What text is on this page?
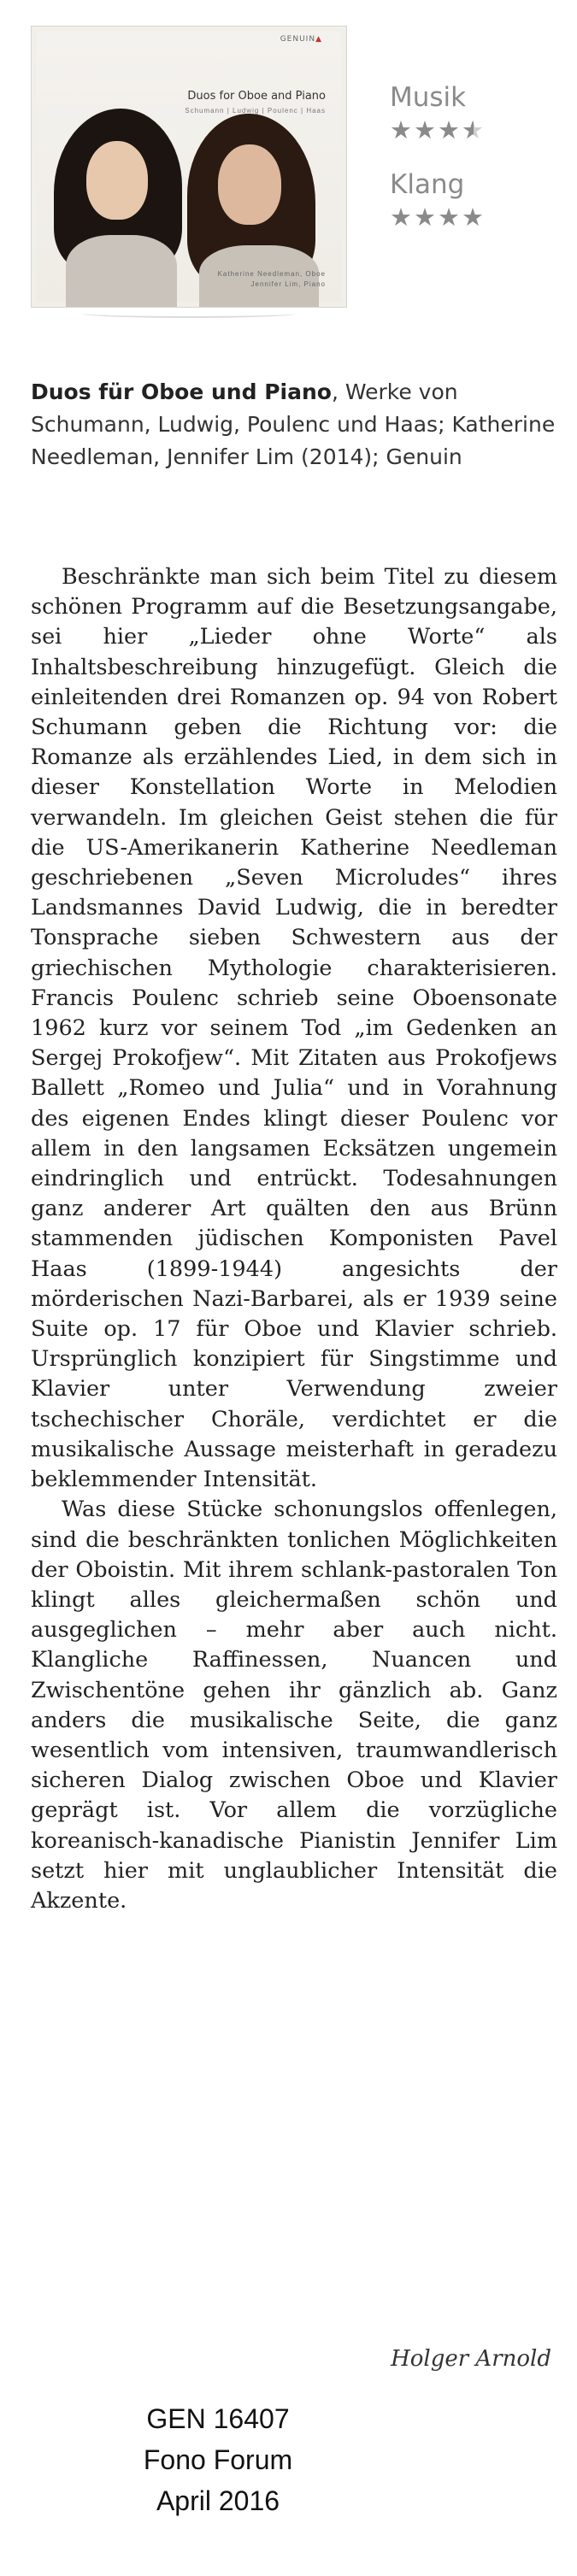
GENUIN▲
Duos for Oboe and Piano
Schumann | Ludwig | Poulenc | Haas
Katherine Needleman, Oboe
Jennifer Lim, Piano
Musik
★★★★ ★
Klang
★★★★
Duos für Oboe und Piano, Werke von Schumann, Ludwig, Poulenc und Haas; Katherine Needleman, Jennifer Lim (2014); Genuin

Beschränkte man sich beim Titel zu diesem schönen Programm auf die Besetzungsangabe, sei hier „Lieder ohne Worte“ als Inhaltsbeschreibung hinzugefügt. Gleich die einleitenden drei Romanzen op. 94 von Robert Schumann geben die Richtung vor: die Romanze als erzählendes Lied, in dem sich in dieser Konstellation Worte in Melodien verwandeln. Im gleichen Geist stehen die für die US-Amerikanerin Katherine Needleman geschriebenen „Seven Microludes“ ihres Landsmannes David Ludwig, die in beredter Tonsprache sieben Schwestern aus der griechischen Mythologie charakterisieren. Francis Poulenc schrieb seine Oboensonate 1962 kurz vor seinem Tod „im Gedenken an Sergej Prokofjew“. Mit Zitaten aus Prokofjews Ballett „Romeo und Julia“ und in Vorahnung des eigenen Endes klingt dieser Poulenc vor allem in den langsamen Ecksätzen ungemein eindringlich und entrückt. Todesahnungen ganz anderer Art quälten den aus Brünn stammenden jüdischen Komponisten Pavel Haas (1899-1944) angesichts der mörderischen Nazi-Barbarei, als er 1939 seine Suite op. 17 für Oboe und Klavier schrieb. Ursprünglich konzipiert für Singstimme und Klavier unter Verwendung zweier tschechischer Choräle, verdichtet er die musikalische Aussage meisterhaft in geradezu beklemmender Intensität.

Was diese Stücke schonungslos offenlegen, sind die beschränkten tonlichen Möglichkeiten der Oboistin. Mit ihrem schlank-pastoralen Ton klingt alles gleichermaßen schön und ausgeglichen – mehr aber auch nicht. Klangliche Raffinessen, Nuancen und Zwischentöne gehen ihr gänzlich ab. Ganz anders die musikalische Seite, die ganz wesentlich vom intensiven, traumwandlerisch sicheren Dialog zwischen Oboe und Klavier geprägt ist. Vor allem die vorzügliche koreanisch-kanadische Pianistin Jennifer Lim setzt hier mit unglaublicher Intensität die Akzente.

Holger Arnold
GEN 16407
Fono Forum
April 2016
